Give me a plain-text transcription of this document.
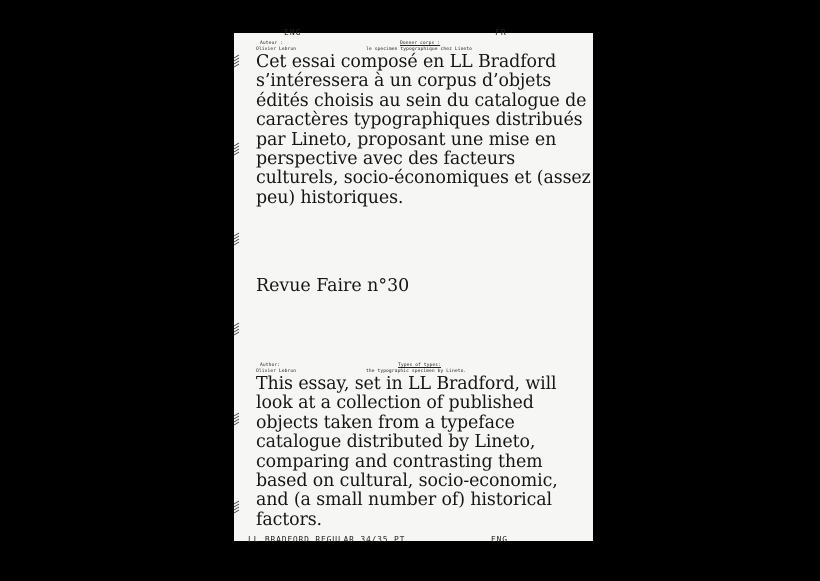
ENG	FR
Auteur :
Olivier Lebrun
Donner corps :
le specimen typographique chez Lineto

Cet essai composé en LL Bradford s’intéressera à un corpus d’objets édités choisis au sein du catalogue de caractères typographiques distribués par Lineto, proposant une mise en perspective avec des facteurs culturels, socio-économiques et (assez peu) historiques.

Revue Faire n°30
Author:
Olivier Lebrun
Types of types:
the typographic specimen by Lineto.

This essay, set in LL Bradford, will look at a collection of published objects taken from a typeface catalogue distributed by Lineto, comparing and contrasting them based on cultural, socio-economic, and (a small number of) historical factors.

LL BRADFORD REGULAR 34/35 PT	ENG
